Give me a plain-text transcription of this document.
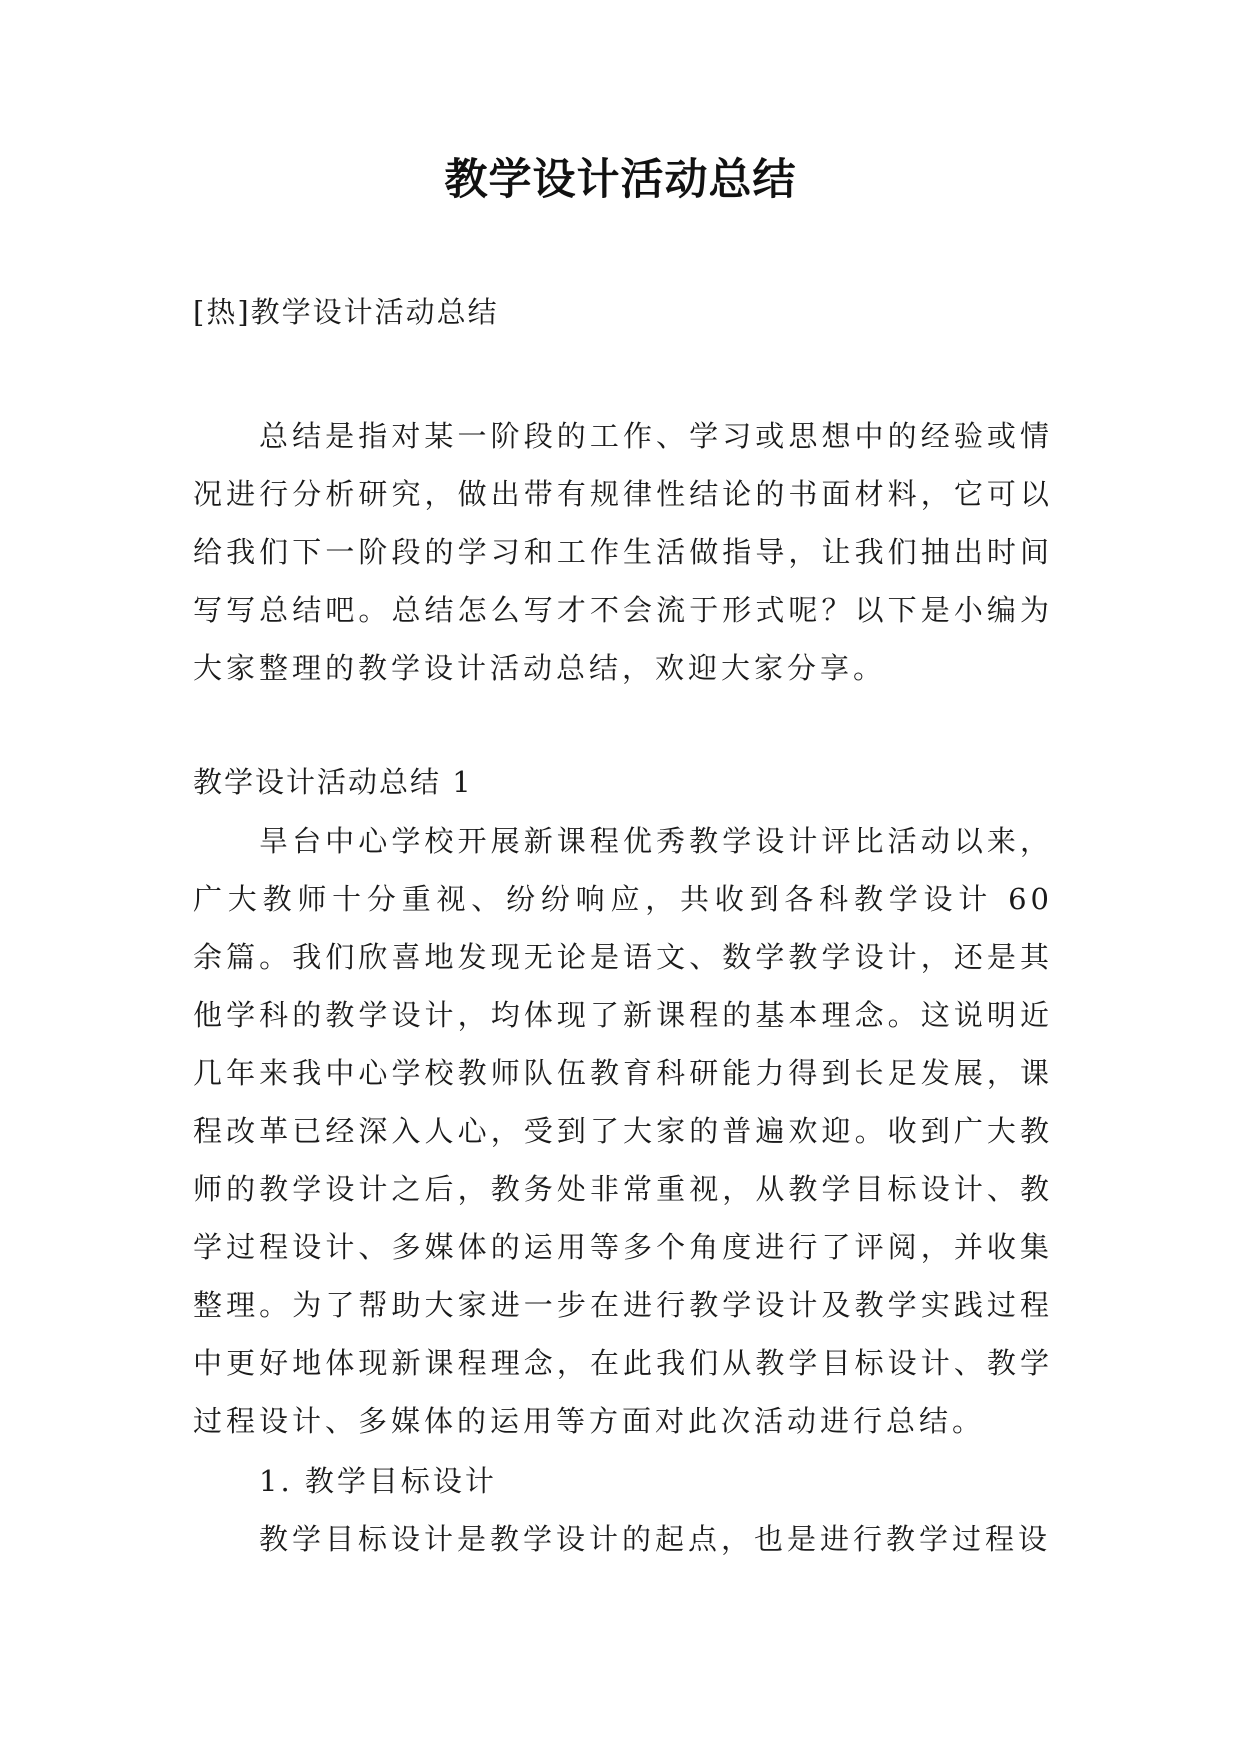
教学设计活动总结
[热]教学设计活动总结

总结是指对某一阶段的工作、学习或思想中的经验或情况进行分析研究，做出带有规律性结论的书面材料，它可以给我们下一阶段的学习和工作生活做指导，让我们抽出时间写写总结吧。总结怎么写才不会流于形式呢？以下是小编为大家整理的教学设计活动总结，欢迎大家分享。

教学设计活动总结 1

旱台中心学校开展新课程优秀教学设计评比活动以来，广大教师十分重视、纷纷响应，共收到各科教学设计 60 余篇。我们欣喜地发现无论是语文、数学教学设计，还是其他学科的教学设计，均体现了新课程的基本理念。这说明近几年来我中心学校教师队伍教育科研能力得到长足发展，课程改革已经深入人心，受到了大家的普遍欢迎。收到广大教师的教学设计之后，教务处非常重视，从教学目标设计、教学过程设计、多媒体的运用等多个角度进行了评阅，并收集整理。为了帮助大家进一步在进行教学设计及教学实践过程中更好地体现新课程理念，在此我们从教学目标设计、教学过程设计、多媒体的运用等方面对此次活动进行总结。

1. 教学目标设计

教学目标设计是教学设计的起点，也是进行教学过程设
